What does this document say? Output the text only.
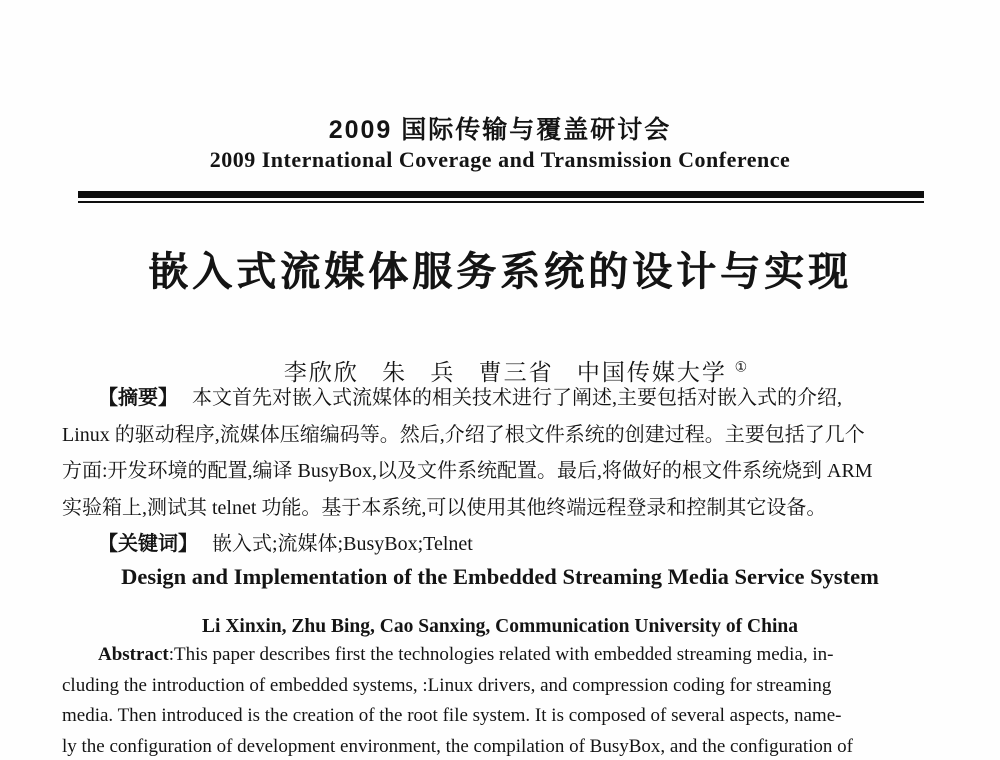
2009 国际传输与覆盖研讨会
2009 International Coverage and Transmission Conference
嵌入式流媒体服务系统的设计与实现

李欣欣   朱   兵   曹三省   中国传媒大学 ①

【摘要】 本文首先对嵌入式流媒体的相关技术进行了阐述,主要包括对嵌入式的介绍,
Linux 的驱动程序,流媒体压缩编码等。然后,介绍了根文件系统的创建过程。主要包括了几个
方面:开发环境的配置,编译 BusyBox,以及文件系统配置。最后,将做好的根文件系统烧到 ARM
实验箱上,测试其 telnet 功能。基于本系统,可以使用其他终端远程登录和控制其它设备。
【关键词】 嵌入式;流媒体;BusyBox;Telnet
Design and Implementation of the Embedded Streaming Media Service System
Li Xinxin, Zhu Bing, Cao Sanxing, Communication University of China
Abstract:This paper describes first the technologies related with embedded streaming media, in-
cluding the introduction of embedded systems, :Linux drivers, and compression coding for streaming
media. Then introduced is the creation of the root file system. It is composed of several aspects, name-
ly the configuration of development environment, the compilation of BusyBox, and the configuration of
